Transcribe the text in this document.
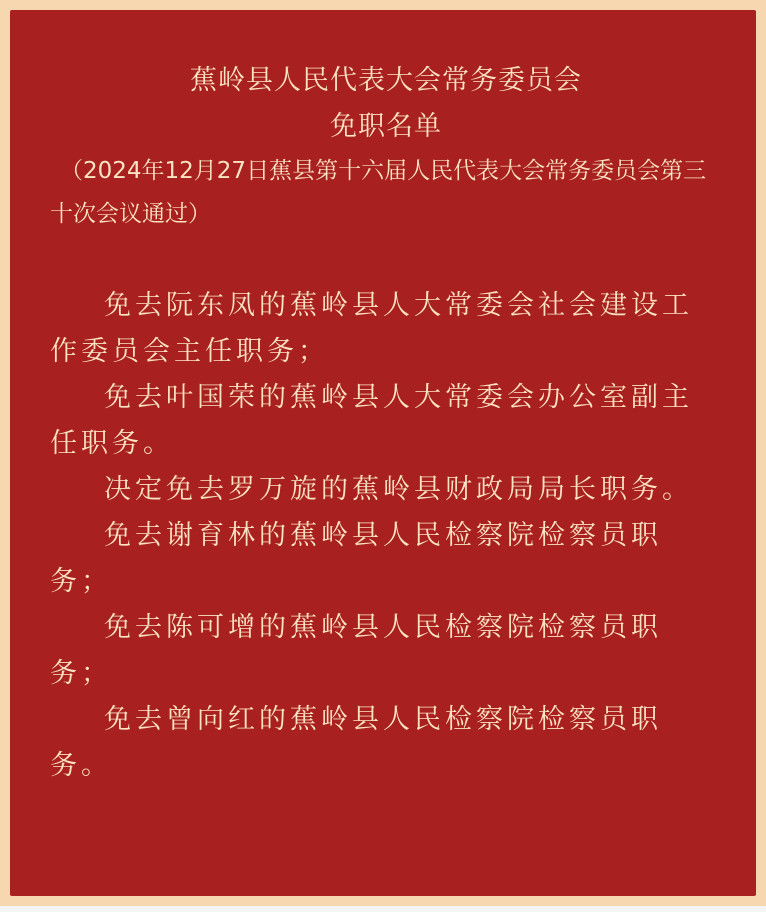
蕉岭县人民代表大会常务委员会
免职名单
（2024年12月27日蕉县第十六届人民代表大会常务委员会第三十次会议通过）
免去阮东凤的蕉岭县人大常委会社会建设工作委员会主任职务；
免去叶国荣的蕉岭县人大常委会办公室副主任职务。
决定免去罗万旋的蕉岭县财政局局长职务。
免去谢育林的蕉岭县人民检察院检察员职务；
免去陈可增的蕉岭县人民检察院检察员职务；
免去曾向红的蕉岭县人民检察院检察员职务。
